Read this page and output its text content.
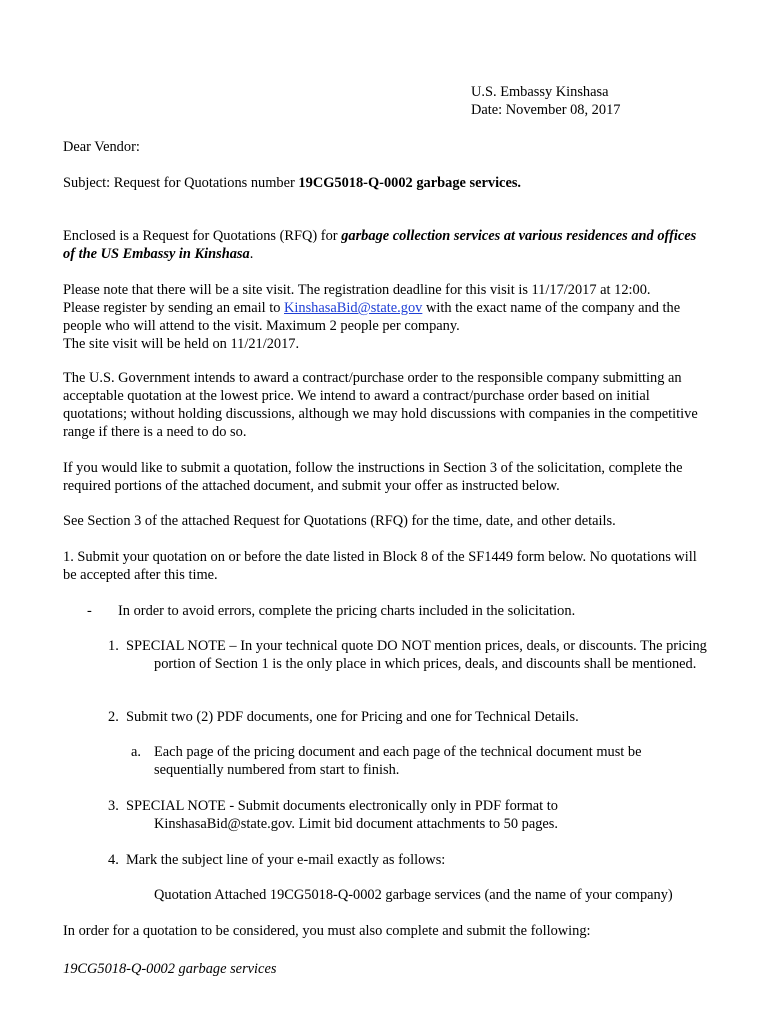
U.S. Embassy Kinshasa
Date: November 08, 2017
Dear Vendor:
Subject: Request for Quotations number 19CG5018-Q-0002 garbage services.
Enclosed is a Request for Quotations (RFQ) for garbage collection services at various residences and offices of the US Embassy in Kinshasa.
Please note that there will be a site visit. The registration deadline for this visit is 11/17/2017 at 12:00.
Please register by sending an email to KinshasaBid@state.gov with the exact name of the company and the people who will attend to the visit. Maximum 2 people per company.
The site visit will be held on 11/21/2017.
The U.S. Government intends to award a contract/purchase order to the responsible company submitting an acceptable quotation at the lowest price. We intend to award a contract/purchase order based on initial quotations; without holding discussions, although we may hold discussions with companies in the competitive range if there is a need to do so.
If you would like to submit a quotation, follow the instructions in Section 3 of the solicitation, complete the required portions of the attached document, and submit your offer as instructed below.
See Section 3 of the attached Request for Quotations (RFQ) for the time, date, and other details.
1. Submit your quotation on or before the date listed in Block 8 of the SF1449 form below. No quotations will be accepted after this time.
- In order to avoid errors, complete the pricing charts included in the solicitation.
1. SPECIAL NOTE – In your technical quote DO NOT mention prices, deals, or discounts. The pricing portion of Section 1 is the only place in which prices, deals, and discounts shall be mentioned.
2. Submit two (2) PDF documents, one for Pricing and one for Technical Details.
a. Each page of the pricing document and each page of the technical document must be sequentially numbered from start to finish.
3. SPECIAL NOTE - Submit documents electronically only in PDF format to KinshasaBid@state.gov. Limit bid document attachments to 50 pages.
4. Mark the subject line of your e-mail exactly as follows:
Quotation Attached 19CG5018-Q-0002 garbage services (and the name of your company)
In order for a quotation to be considered, you must also complete and submit the following:
19CG5018-Q-0002 garbage services
